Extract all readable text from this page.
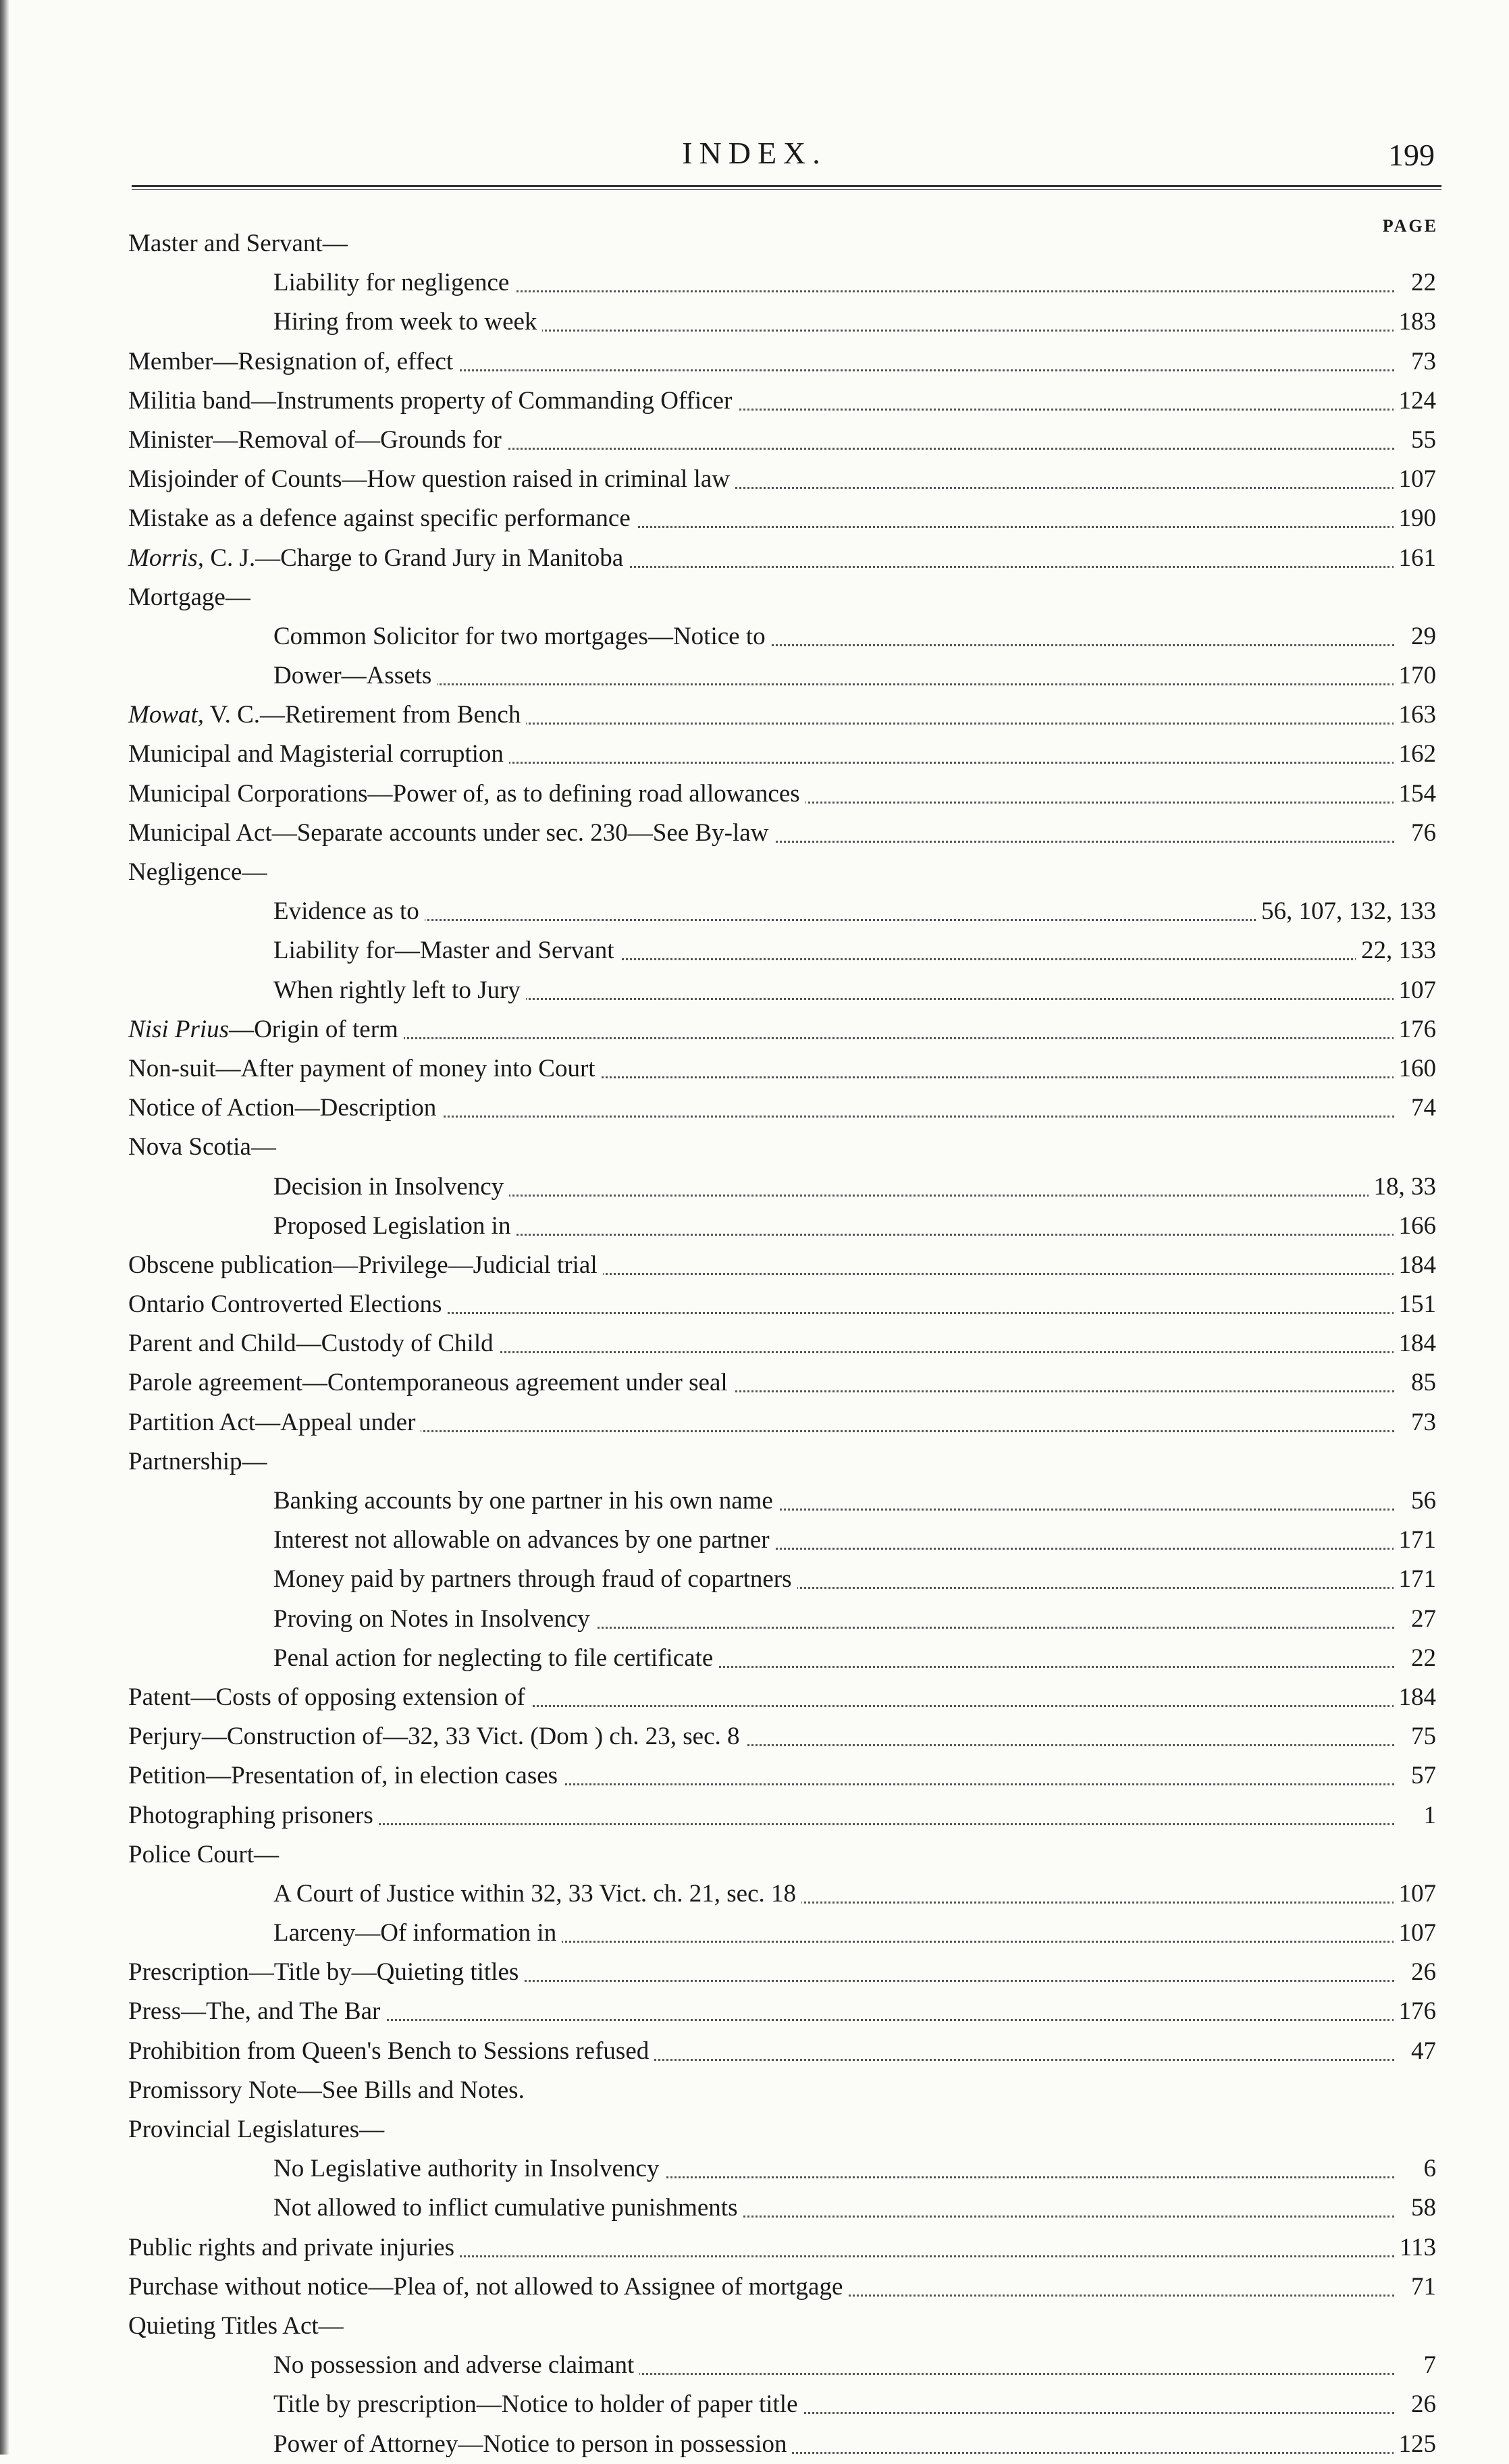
INDEX.	199
PAGE
Master and Servant—
Liability for negligence	22
Hiring from week to week	183
Member—Resignation of, effect	73
Militia band—Instruments property of Commanding Officer	124
Minister—Removal of—Grounds for	55
Misjoinder of Counts—How question raised in criminal law	107
Mistake as a defence against specific performance	190
Morris, C. J.—Charge to Grand Jury in Manitoba	161
Mortgage—
Common Solicitor for two mortgages—Notice to	29
Dower—Assets	170
Mowat, V. C.—Retirement from Bench	163
Municipal and Magisterial corruption	162
Municipal Corporations—Power of, as to defining road allowances	154
Municipal Act—Separate accounts under sec. 230—See By-law	76
Negligence—
Evidence as to	56, 107, 132, 133
Liability for—Master and Servant	22, 133
When rightly left to Jury	107
Nisi Prius—Origin of term	176
Non-suit—After payment of money into Court	160
Notice of Action—Description	74
Nova Scotia—
Decision in Insolvency	18, 33
Proposed Legislation in	166
Obscene publication—Privilege—Judicial trial	184
Ontario Controverted Elections	151
Parent and Child—Custody of Child	184
Parole agreement—Contemporaneous agreement under seal	85
Partition Act—Appeal under	73
Partnership—
Banking accounts by one partner in his own name	56
Interest not allowable on advances by one partner	171
Money paid by partners through fraud of copartners	171
Proving on Notes in Insolvency	27
Penal action for neglecting to file certificate	22
Patent—Costs of opposing extension of	184
Perjury—Construction of—32, 33 Vict. (Dom ) ch. 23, sec. 8	75
Petition—Presentation of, in election cases	57
Photographing prisoners	1
Police Court—
A Court of Justice within 32, 33 Vict. ch. 21, sec. 18	107
Larceny—Of information in	107
Prescription—Title by—Quieting titles	26
Press—The, and The Bar	176
Prohibition from Queen's Bench to Sessions refused	47
Promissory Note—See Bills and Notes.
Provincial Legislatures—
No Legislative authority in Insolvency	6
Not allowed to inflict cumulative punishments	58
Public rights and private injuries	113
Purchase without notice—Plea of, not allowed to Assignee of mortgage	71
Quieting Titles Act—
No possession and adverse claimant	7
Title by prescription—Notice to holder of paper title	26
Power of Attorney—Notice to person in possession	125
